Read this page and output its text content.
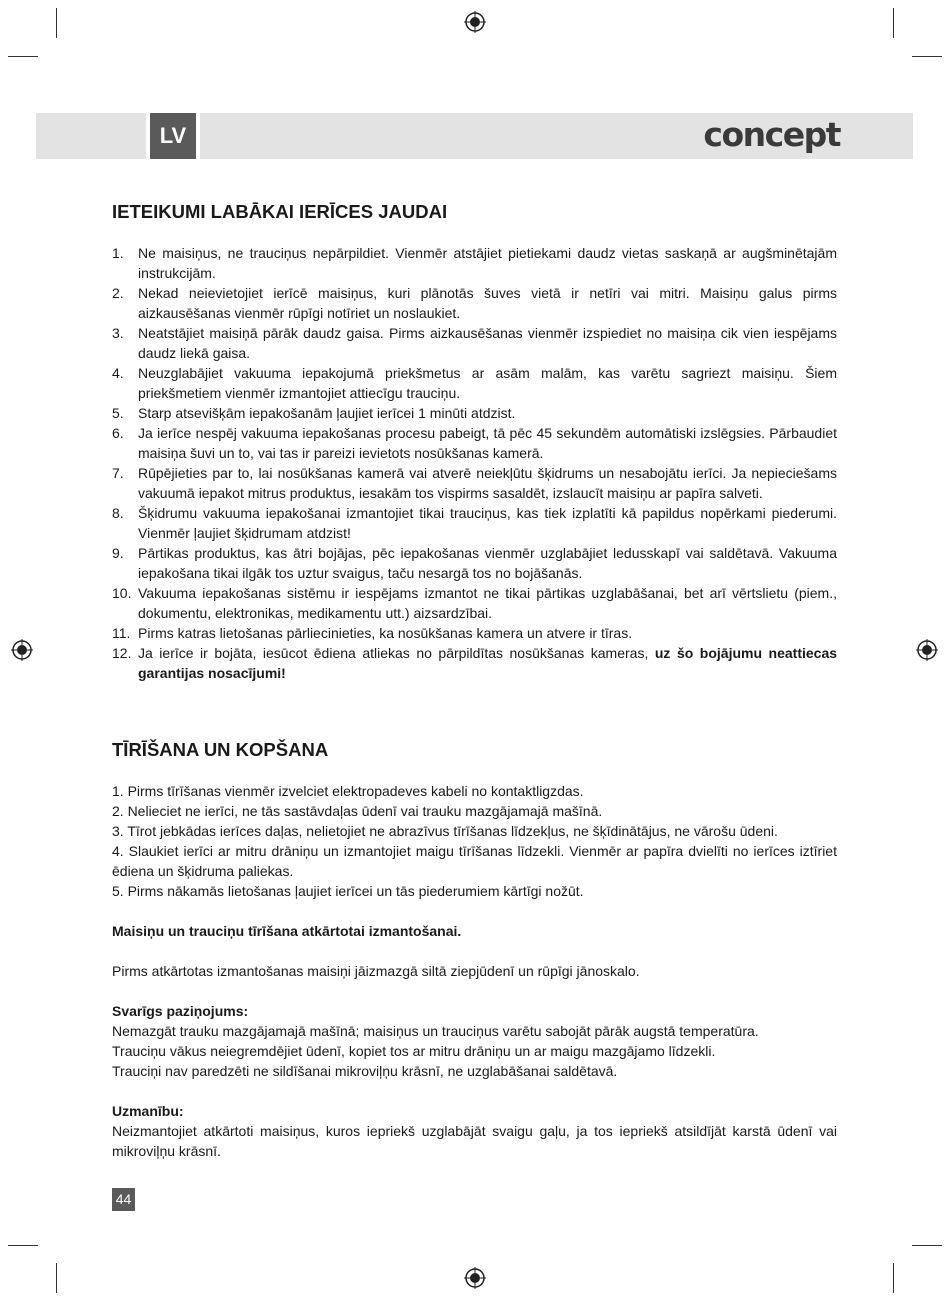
LV	concept
IETEIKUMI LABĀKAI IERĪCES JAUDAI
1.	Ne maisiņus, ne trauciņus nepārpildiet. Vienmēr atstājiet pietiekami daudz vietas saskaņā ar augšminētajām instrukcijām.
2.	Nekad neievietojiet ierīcē maisiņus, kuri plānotās šuves vietā ir netīri vai mitri. Maisiņu galus pirms aizkausēšanas vienmēr rūpīgi notīriet un noslaukiet.
3.	Neatstājiet maisiņā pārāk daudz gaisa. Pirms aizkausēšanas vienmēr izspiediet no maisiņa cik vien iespējams daudz liekā gaisa.
4.	Neuzglabājiet vakuuma iepakojumā priekšmetus ar asām malām, kas varētu sagriezt maisiņu. Šiem priekšmetiem vienmēr izmantojiet attiecīgu trauciņu.
5.	Starp atsevišķām iepakošanām ļaujiet ierīcei 1 minūti atdzist.
6.	Ja ierīce nespēj vakuuma iepakošanas procesu pabeigt, tā pēc 45 sekundēm automātiski izslēgsies. Pārbaudiet maisiņa šuvi un to, vai tas ir pareizi ievietots nosūkšanas kamerā.
7.	Rūpējieties par to, lai nosūkšanas kamerā vai atverē neiekļūtu šķidrums un nesabojātu ierīci. Ja nepieciešams vakuumā iepakot mitrus produktus, iesakām tos vispirms sasaldēt, izslaucīt maisiņu ar papīra salveti.
8.	Šķidrumu vakuuma iepakošanai izmantojiet tikai trauciņus, kas tiek izplatīti kā papildus nopērkami piederumi. Vienmēr ļaujiet šķidrumam atdzist!
9.	Pārtikas produktus, kas ātri bojājas, pēc iepakošanas vienmēr uzglabājiet ledusskapī vai saldētavā. Vakuuma iepakošana tikai ilgāk tos uztur svaigus, taču nesargā tos no bojāšanās.
10. Vakuuma iepakošanas sistēmu ir iespējams izmantot ne tikai pārtikas uzglabāšanai, bet arī vērtslietu (piem., dokumentu, elektronikas, medikamentu utt.) aizsardzībai.
11. Pirms katras lietošanas pārliecinieties, ka nosūkšanas kamera un atvere ir tīras.
12. Ja ierīce ir bojāta, iesūcot ēdiena atliekas no pārpildītas nosūkšanas kameras, uz šo bojājumu neattiecas garantijas nosacījumi!
TĪRĪŠANA UN KOPŠANA

1. Pirms tīrīšanas vienmēr izvelciet elektropadeves kabeli no kontaktligzdas.

2. Nelieciet ne ierīci, ne tās sastāvdaļas ūdenī vai trauku mazgājamajā mašīnā.

3. Tīrot jebkādas ierīces daļas, nelietojiet ne abrazīvus tīrīšanas līdzekļus, ne šķīdinātājus, ne vārošu ūdeni.

4. Slaukiet ierīci ar mitru drāniņu un izmantojiet maigu tīrīšanas līdzekli. Vienmēr ar papīra dvielīti no ierīces iztīriet ēdiena un šķidruma paliekas.

5. Pirms nākamās lietošanas ļaujiet ierīcei un tās piederumiem kārtīgi nožūt.

Maisiņu un trauciņu tīrīšana atkārtotai izmantošanai.

Pirms atkārtotas izmantošanas maisiņi jāizmazgā siltā ziepjūdenī un rūpīgi jānoskalo.

Svarīgs paziņojums:

Nemazgāt trauku mazgājamajā mašīnā; maisiņus un trauciņus varētu sabojāt pārāk augstā temperatūra.

Trauciņu vākus neiegremdējiet ūdenī, kopiet tos ar mitru drāniņu un ar maigu mazgājamo līdzekli.

Trauciņi nav paredzēti ne sildīšanai mikroviļņu krāsnī, ne uzglabāšanai saldētavā.

Uzmanību:

Neizmantojiet atkārtoti maisiņus, kuros iepriekš uzglabājāt svaigu gaļu, ja tos iepriekš atsildījāt karstā ūdenī vai mikroviļņu krāsnī.

44
